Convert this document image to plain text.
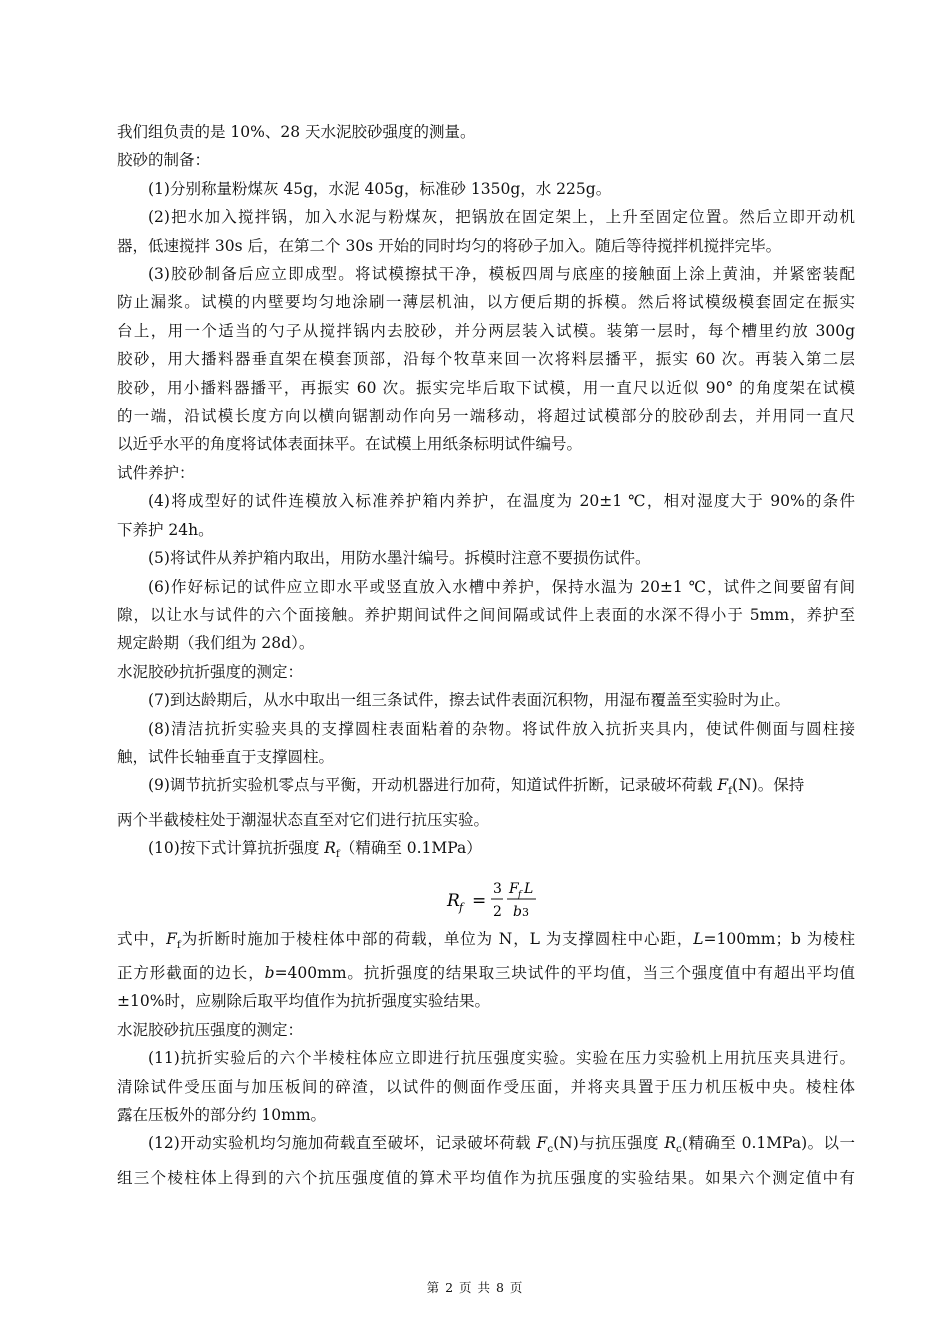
我们组负责的是 10%、28 天水泥胶砂强度的测量。
胶砂的制备：
(1)分别称量粉煤灰 45g，水泥 405g，标准砂 1350g，水 225g。
(2)把水加入搅拌锅，加入水泥与粉煤灰，把锅放在固定架上，上升至固定位置。然后立即开动机
器，低速搅拌 30s 后，在第二个 30s 开始的同时均匀的将砂子加入。随后等待搅拌机搅拌完毕。
(3)胶砂制备后应立即成型。将试模擦拭干净，模板四周与底座的接触面上涂上黄油，并紧密装配
防止漏浆。试模的内壁要均匀地涂刷一薄层机油，以方便后期的拆模。然后将试模级模套固定在振实
台上，用一个适当的勺子从搅拌锅内去胶砂，并分两层装入试模。装第一层时，每个槽里约放 300g
胶砂，用大播料器垂直架在模套顶部，沿每个牧草来回一次将料层播平，振实 60 次。再装入第二层
胶砂，用小播料器播平，再振实 60 次。振实完毕后取下试模，用一直尺以近似 90° 的角度架在试模
的一端，沿试模长度方向以横向锯割动作向另一端移动，将超过试模部分的胶砂刮去，并用同一直尺
以近乎水平的角度将试体表面抹平。在试模上用纸条标明试件编号。
试件养护：
(4)将成型好的试件连模放入标准养护箱内养护，在温度为 20±1 ℃，相对湿度大于 90%的条件
下养护 24h。
(5)将试件从养护箱内取出，用防水墨汁编号。拆模时注意不要损伤试件。
(6)作好标记的试件应立即水平或竖直放入水槽中养护，保持水温为 20±1 ℃，试件之间要留有间
隙，以让水与试件的六个面接触。养护期间试件之间间隔或试件上表面的水深不得小于 5mm，养护至
规定龄期（我们组为 28d）。
水泥胶砂抗折强度的测定：
(7)到达龄期后，从水中取出一组三条试件，擦去试件表面沉积物，用湿布覆盖至实验时为止。
(8)清洁抗折实验夹具的支撑圆柱表面粘着的杂物。将试件放入抗折夹具内，使试件侧面与圆柱接
触，试件长轴垂直于支撑圆柱。
(9)调节抗折实验机零点与平衡，开动机器进行加荷，知道试件折断，记录破坏荷载 $F_f(N)$。保持
两个半截棱柱处于潮湿状态直至对它们进行抗压实验。
(10)按下式计算抗折强度 $R_f$（精确至 0.1MPa）
R f =
3
2
F f L
b 3
式中，$F_f$为折断时施加于棱柱体中部的荷载，单位为 N，L 为支撑圆柱中心距，L=100mm；b 为棱柱
正方形截面的边长，b=400mm。抗折强度的结果取三块试件的平均值，当三个强度值中有超出平均值
±10%时，应剔除后取平均值作为抗折强度实验结果。
水泥胶砂抗压强度的测定：
(11)抗折实验后的六个半棱柱体应立即进行抗压强度实验。实验在压力实验机上用抗压夹具进行。
清除试件受压面与加压板间的碎渣，以试件的侧面作受压面，并将夹具置于压力机压板中央。棱柱体
露在压板外的部分约 10mm。
(12)开动实验机均匀施加荷载直至破坏，记录破坏荷载 $F_c(N)$与抗压强度 $R_c$(精确至 0.1MPa)。以一
组三个棱柱体上得到的六个抗压强度值的算术平均值作为抗压强度的实验结果。如果六个测定值中有
第 2 页 共 8 页
